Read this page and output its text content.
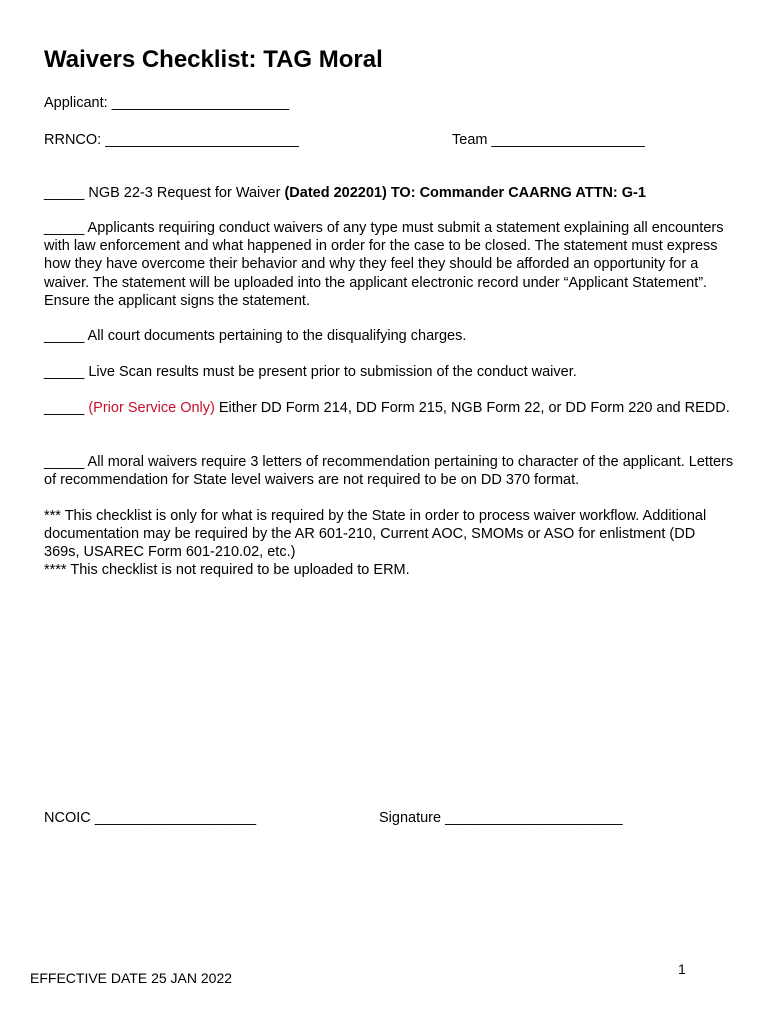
Waivers Checklist: TAG Moral
Applicant: ______________________
RRNCO: ________________________	Team ___________________
_____ NGB 22-3 Request for Waiver (Dated 202201) TO: Commander CAARNG ATTN: G-1
_____ Applicants requiring conduct waivers of any type must submit a statement explaining all encounters with law enforcement and what happened in order for the case to be closed. The statement must express how they have overcome their behavior and why they feel they should be afforded an opportunity for a waiver. The statement will be uploaded into the applicant electronic record under “Applicant Statement”. Ensure the applicant signs the statement.
_____ All court documents pertaining to the disqualifying charges.
_____ Live Scan results must be present prior to submission of the conduct waiver.
_____ (Prior Service Only) Either DD Form 214, DD Form 215, NGB Form 22, or DD Form 220 and REDD.
_____ All moral waivers require 3 letters of recommendation pertaining to character of the applicant. Letters of recommendation for State level waivers are not required to be on DD 370 format.
*** This checklist is only for what is required by the State in order to process waiver workflow. Additional documentation may be required by the AR 601-210, Current AOC, SMOMs or ASO for enlistment (DD 369s, USAREC Form 601-210.02, etc.)
**** This checklist is not required to be uploaded to ERM.
NCOIC ____________________	Signature ______________________
EFFECTIVE DATE 25 JAN 2022
1
